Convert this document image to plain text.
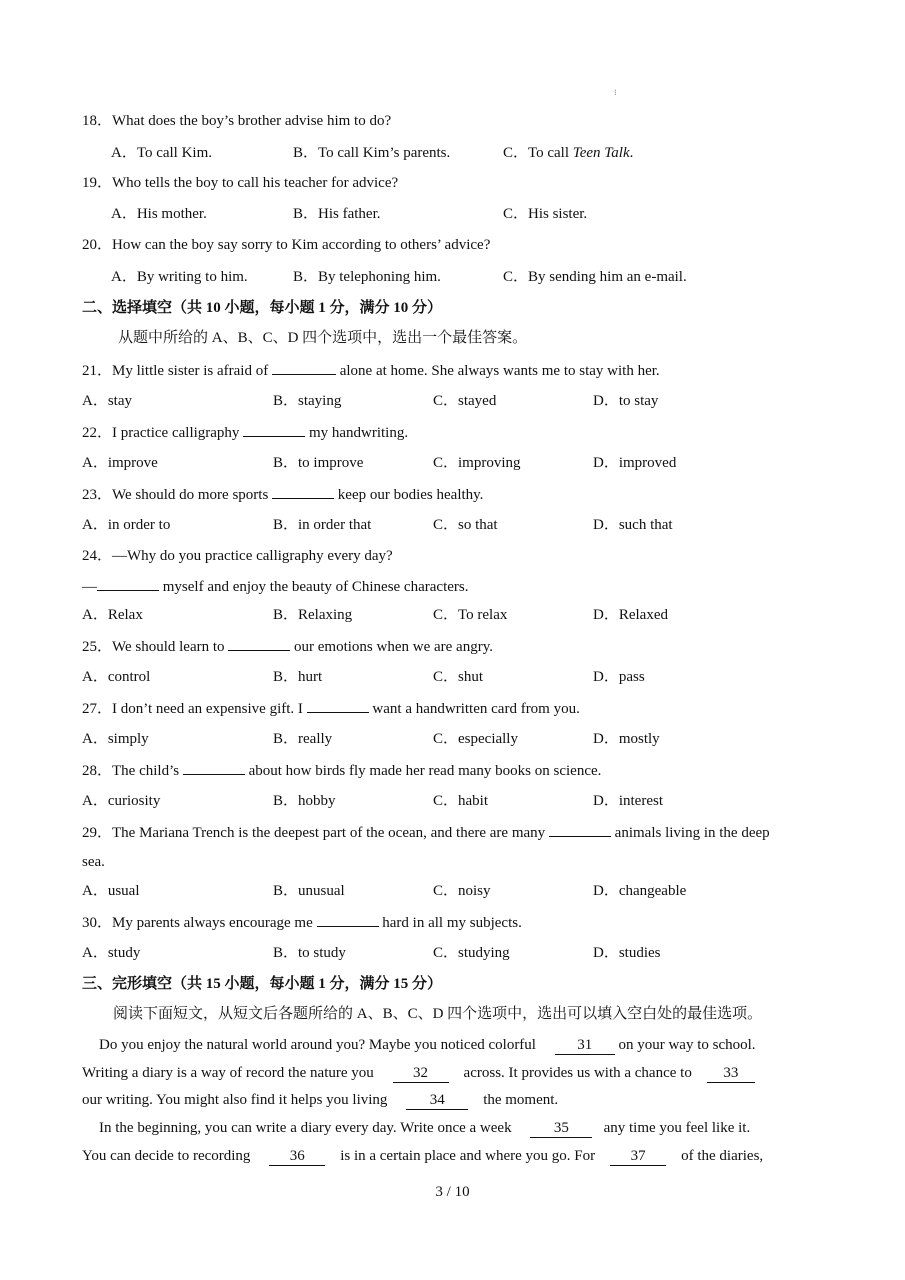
⁝
18．What does the boy’s brother advise him to do?
A．To call Kim.	B．To call Kim’s parents.	C．To call Teen Talk.
19．Who tells the boy to call his teacher for advice?
A．His mother.	B．His father.	C．His sister.
20．How can the boy say sorry to Kim according to others’ advice?
A．By writing to him.	B．By telephoning him.	C．By sending him an e-mail.
二、选择填空（共 10 小题，每小题 1 分，满分 10 分）
从题中所给的 A、B、C、D 四个选项中，选出一个最佳答案。
21．My little sister is afraid of	alone at home. She always wants me to stay with her.
A．stay	B．staying	C．stayed	D．to stay
22．I practice calligraphy	my handwriting.
A．improve	B．to improve	C．improving	D．improved
23．We should do more sports	keep our bodies healthy.
A．in order to	B．in order that	C．so that	D．such that
24．—Why do you practice calligraphy every day?
—	myself and enjoy the beauty of Chinese characters.
A．Relax	B．Relaxing	C．To relax	D．Relaxed
25．We should learn to	our emotions when we are angry.
A．control	B．hurt	C．shut	D．pass
27．I don’t need an expensive gift. I	want a handwritten card from you.
A．simply	B．really	C．especially	D．mostly
28．The child’s	about how birds fly made her read many books on science.
A．curiosity	B．hobby	C．habit	D．interest
29．The Mariana Trench is the deepest part of the ocean, and there are many	animals living in the deep
sea.
A．usual	B．unusual	C．noisy	D．changeable
30．My parents always encourage me	hard in all my subjects.
A．study	B．to study	C．studying	D．studies
三、完形填空（共 15 小题，每小题 1 分，满分 15 分）
阅读下面短文，从短文后各题所给的 A、B、C、D 四个选项中，选出可以填入空白处的最佳选项。
Do you enjoy the natural world around you? Maybe you noticed colorful	31 on your way to school.
Writing a diary is a way of record the nature you	32 across. It provides us with a chance to 33
our writing. You might also find it helps you living	34	the moment.
In the beginning, you can write a diary every day. Write once a week	35 any time you feel like it.
You can decide to recording	36 is in a certain place and where you go. For 37 of the diaries,
3 / 10
